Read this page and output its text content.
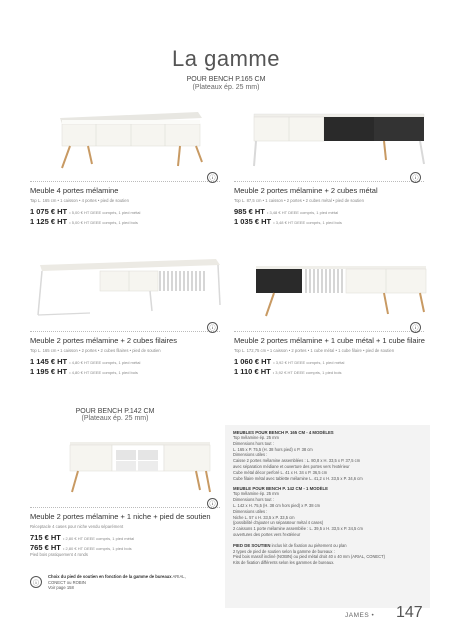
La gamme
POUR BENCH P.165 CM
(Plateaux ép. 25 mm)
ⓘ	ⓘ
Meuble 4 portes mélamine
Tap L. 165 cm • 1 caisson • 4 portes • pied de soutien
1 075 € HT • 5,00 € HT DEEE compris, 1 pied métal
1 125 € HT • 5,00 € HT DEEE compris, 1 pied bois
Meuble 2 portes mélamine + 2 cubes métal
Top L. 87,5 cm • 1 caisson • 2 portes • 2 cubes métal • pied de soutien
985 € HT • 3,48 € HT DEEE compris, 1 pied métal
1 035 € HT • 3,48 € HT DEEE compris, 1 pied bois
ⓘ	ⓘ
Meuble 2 portes mélamine + 2 cubes filaires
Top L. 165 cm • 1 caisson • 2 portes • 2 cubes filaires • pied de soutien
1 145 € HT • 4,80 € HT DEEE compris, 1 pied métal
1 195 € HT • 4,80 € HT DEEE compris, 1 pied bois
Meuble 2 portes mélamine + 1 cube métal + 1 cube filaire
Top L. 172,75 cm • 1 caisson • 2 portes • 1 cube métal • 1 cube filaire • pied de soutien
1 060 € HT • 3,92 € HT DEEE compris, 1 pied métal
1 110 € HT • 3,92 € HT DEEE compris, 1 pied bois
POUR BENCH P.142 CM
(Plateaux ép. 25 mm)
ⓘ
Meuble 2 portes mélamine + 1 niche + pied de soutien
Réceptacle 4 cases pour niche vendu séparément
715 € HT • 2,80 € HT DEEE compris, 1 pied métal
765 € HT • 2,80 € HT DEEE compris, 1 pied bois
Pied bois pratiquement 4 ronds
ⓘ
Choix du pied de soutien en fonction de la gamme de bureaux ARIAL, CONECT ou ROBIN
Voir page 158
MEUBLES POUR BENCH P. 165 CM - 4 MODÈLES
Top mélamine ép. 25 mm
Dimensions hors tout :
L. 165 x P. 75,5 (H. 38 hors pied) x P. 38 cm
Dimensions utiles :
Caisse 2 portes mélamine assemblées : L. 80,8 x H. 33,5 x P. 37,5 cm
avec séparation médiane et ouverture des portes vers l'extérieur
Cube métal décor perforé L. 41 x H. 34 x P. 36,5 cm
Cube filaire métal avec tablette mélamine L. 41,2 x H. 33,5 x P. 34,6 cm
MEUBLE POUR BENCH P. 142 CM - 1 MODÈLE
Top mélamine ép. 25 mm
Dimensions hors tout :
L. 142 x H. 75,5 (H. 38 cm hors pied) x P. 38 cm
Dimensions utiles :
Niche L. 57 x H. 33,5 x P. 33,5 cm
(possibilité d'ajouter un séparateur métal 4 cases)
2 caissons 1 porte mélamine assemblée : L. 39,5 x H. 33,5 x P. 34,5 cm
ouvertures des portes vers l'extérieur
PIED DE SOUTIEN inclus kit de fixation au piétement ou plan
2 types de pied de soutien selon la gamme de bureaux :
Pied bois massif incliné (NOBIN) ou pied métal droit 40 x 40 mm (ARIAL, CONECT)
Kits de fixation différents selon les gammes de bureaux.
JAMES • 147
